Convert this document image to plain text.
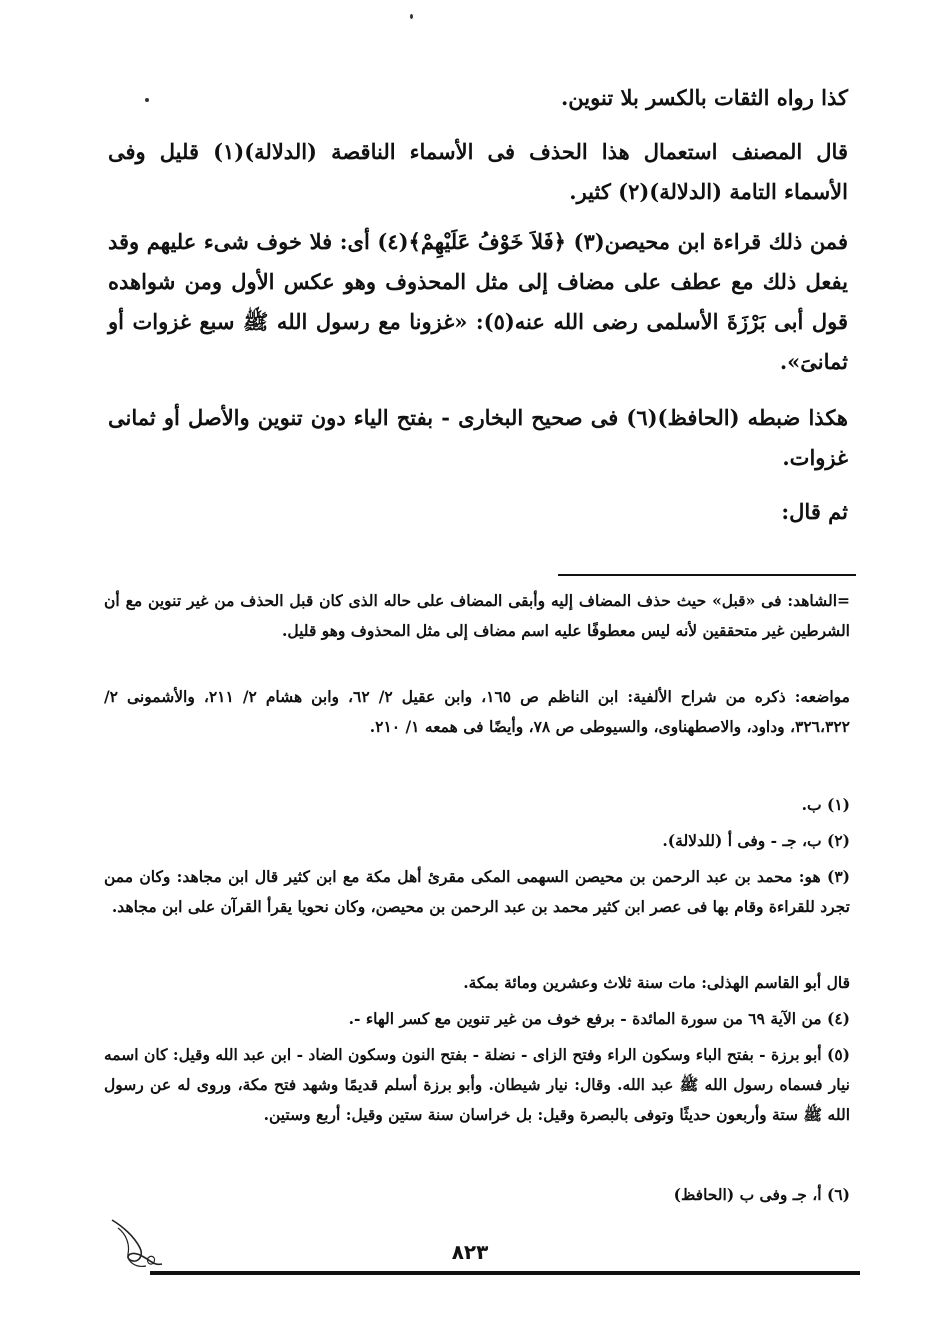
كذا رواه الثقات بالكسر بلا تنوين.
قال المصنف استعمال هذا الحذف فى الأسماء الناقصة (الدلالة)(١) قليل وفى الأسماء التامة (الدلالة)(٢) كثير.
فمن ذلك قراءة ابن محيصن(٣) ﴿فَلاَ خَوْفُ عَلَيْهِمْ﴾(٤) أى: فلا خوف شىء عليهم وقد يفعل ذلك مع عطف على مضاف إلى مثل المحذوف وهو عكس الأول ومن شواهده قول أبى بَرْزَةَ الأسلمى رضى الله عنه(٥): «غزونا مع رسول الله ﷺ سبع غزوات أو ثمانىَ».
هكذا ضبطه (الحافظ)(٦) فى صحيح البخارى - بفتح الياء دون تنوين والأصل أو ثمانى غزوات.
ثم قال:
=الشاهد: فى «قبل» حيث حذف المضاف إليه وأبقى المضاف على حاله الذى كان قبل الحذف من غير تنوين مع أن الشرطين غير متحققين لأنه ليس معطوفًا عليه اسم مضاف إلى مثل المحذوف وهو قليل.
مواضعه: ذكره من شراح الألفية: ابن الناظم ص ١٦٥، وابن عقيل ٢/ ٦٢، وابن هشام ٢/ ٢١١، والأشمونى ٢/ ٣٢٦،٣٢٢، وداود، والاصطهناوى، والسيوطى ص ٧٨، وأيضًا فى همعه ١/ ٢١٠.
(١) ب.
(٢) ب، جـ - وفى أ (للدلالة).
(٣) هو: محمد بن عبد الرحمن بن محيصن السهمى المكى مقرئ أهل مكة مع ابن كثير قال ابن مجاهد: وكان ممن تجرد للقراءة وقام بها فى عصر ابن كثير محمد بن عبد الرحمن بن محيصن، وكان نحويا يقرأ القرآن على ابن مجاهد.
قال أبو القاسم الهذلى: مات سنة ثلاث وعشرين ومائة بمكة.
(٤) من الآية ٦٩ من سورة المائدة - برفع خوف من غير تنوين مع كسر الهاء -.
(٥) أبو برزة - بفتح الباء وسكون الراء وفتح الزاى - نضلة - بفتح النون وسكون الضاد - ابن عبد الله وقيل: كان اسمه نيار فسماه رسول الله ﷺ عبد الله. وقال: نيار شيطان. وأبو برزة أسلم قديمًا وشهد فتح مكة، وروى له عن رسول الله ﷺ ستة وأربعون حديثًا وتوفى بالبصرة وقيل: بل خراسان سنة ستين وقيل: أربع وستين.
(٦) أ، جـ وفى ب (الحافظ)
٨٢٣
